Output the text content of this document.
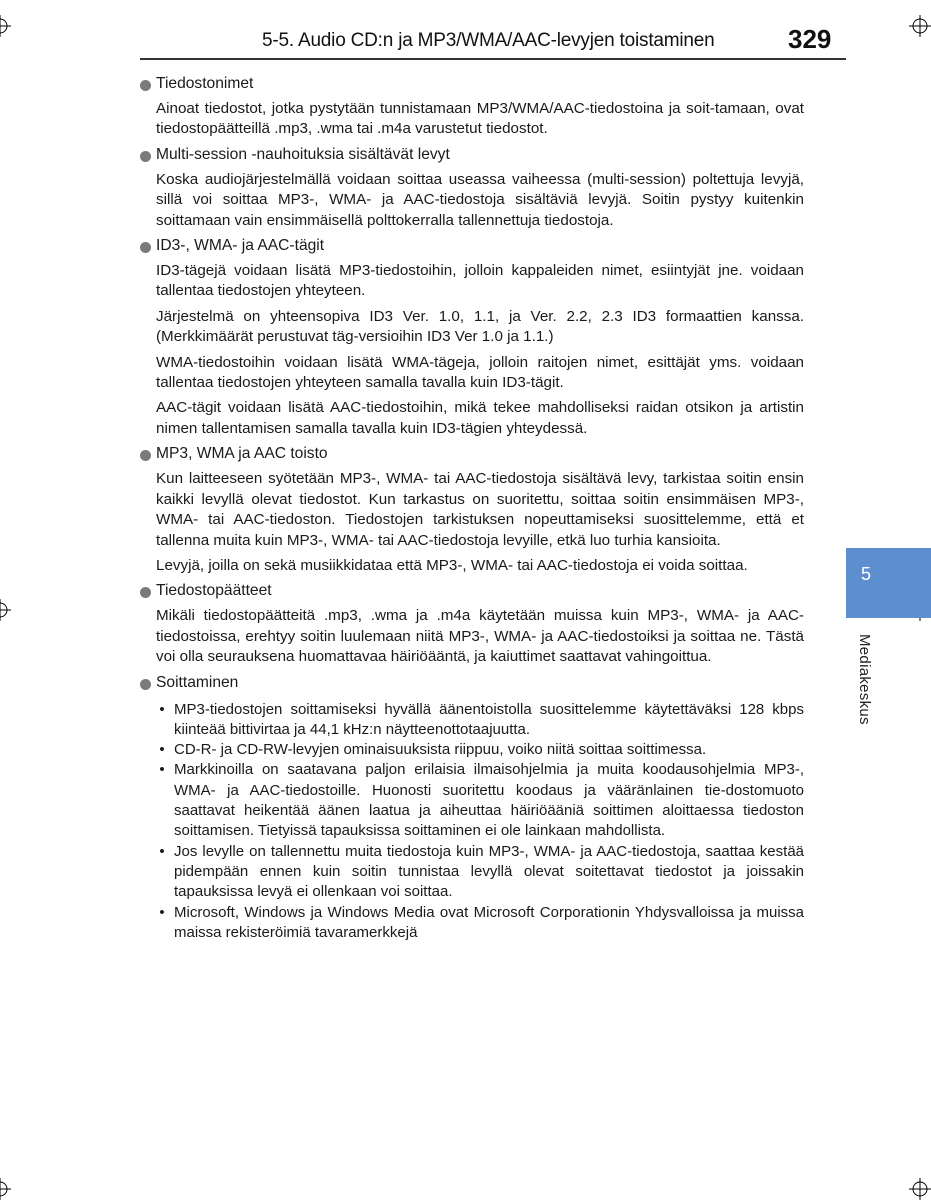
5-5. Audio CD:n ja MP3/WMA/AAC-levyjen toistaminen	329
5
Mediakeskus
Tiedostonimet
Ainoat tiedostot, jotka pystytään tunnistamaan MP3/WMA/AAC-tiedostoina ja soit-tamaan, ovat tiedostopäätteillä .mp3, .wma tai .m4a varustetut tiedostot.
Multi-session -nauhoituksia sisältävät levyt
Koska audiojärjestelmällä voidaan soittaa useassa vaiheessa (multi-session) poltettuja levyjä, sillä voi soittaa MP3-, WMA- ja AAC-tiedostoja sisältäviä levyjä. Soitin pystyy kuitenkin soittamaan vain ensimmäisellä polttokerralla tallennettuja tiedostoja.
ID3-, WMA- ja AAC-tägit
ID3-tägejä voidaan lisätä MP3-tiedostoihin, jolloin kappaleiden nimet, esiintyjät jne. voidaan tallentaa tiedostojen yhteyteen.
Järjestelmä on yhteensopiva ID3 Ver. 1.0, 1.1, ja Ver. 2.2, 2.3 ID3 formaattien kanssa. (Merkkimäärät perustuvat täg-versioihin ID3 Ver 1.0 ja 1.1.)
WMA-tiedostoihin voidaan lisätä WMA-tägeja, jolloin raitojen nimet, esittäjät yms. voidaan tallentaa tiedostojen yhteyteen samalla tavalla kuin ID3-tägit.
AAC-tägit voidaan lisätä AAC-tiedostoihin, mikä tekee mahdolliseksi raidan otsikon ja artistin nimen tallentamisen samalla tavalla kuin ID3-tägien yhteydessä.
MP3, WMA ja AAC toisto
Kun laitteeseen syötetään MP3-, WMA- tai AAC-tiedostoja sisältävä levy, tarkistaa soitin ensin kaikki levyllä olevat tiedostot. Kun tarkastus on suoritettu, soittaa soitin ensimmäisen MP3-, WMA- tai AAC-tiedoston. Tiedostojen tarkistuksen nopeuttamiseksi suosittelemme, että et tallenna muita kuin MP3-, WMA- tai AAC-tiedostoja levyille, etkä luo turhia kansioita.
Levyjä, joilla on sekä musiikkidataa että MP3-, WMA- tai AAC-tiedostoja ei voida soittaa.
Tiedostopäätteet
Mikäli tiedostopäätteitä .mp3, .wma ja .m4a käytetään muissa kuin MP3-, WMA- ja AAC-tiedostoissa, erehtyy soitin luulemaan niitä MP3-, WMA- ja AAC-tiedostoiksi ja soittaa ne. Tästä voi olla seurauksena huomattavaa häiriöääntä, ja kaiuttimet saattavat vahingoittua.
Soittaminen
• MP3-tiedostojen soittamiseksi hyvällä äänentoistolla suosittelemme käytettäväksi 128 kbps kiinteää bittivirtaa ja 44,1 kHz:n näytteenottotaajuutta.
• CD-R- ja CD-RW-levyjen ominaisuuksista riippuu, voiko niitä soittaa soittimessa.
• Markkinoilla on saatavana paljon erilaisia ilmaisohjelmia ja muita koodausohjelmia MP3-, WMA- ja AAC-tiedostoille. Huonosti suoritettu koodaus ja vääränlainen tie-dostomuoto saattavat heikentää äänen laatua ja aiheuttaa häiriöääniä soittimen aloittaessa tiedoston soittamisen. Tietyissä tapauksissa soittaminen ei ole lainkaan mahdollista.
• Jos levylle on tallennettu muita tiedostoja kuin MP3-, WMA- ja AAC-tiedostoja, saattaa kestää pidempään ennen kuin soitin tunnistaa levyllä olevat soitettavat tiedostot ja joissakin tapauksissa levyä ei ollenkaan voi soittaa.
• Microsoft, Windows ja Windows Media ovat Microsoft Corporationin Yhdysvalloissa ja muissa maissa rekisteröimiä tavaramerkkejä
